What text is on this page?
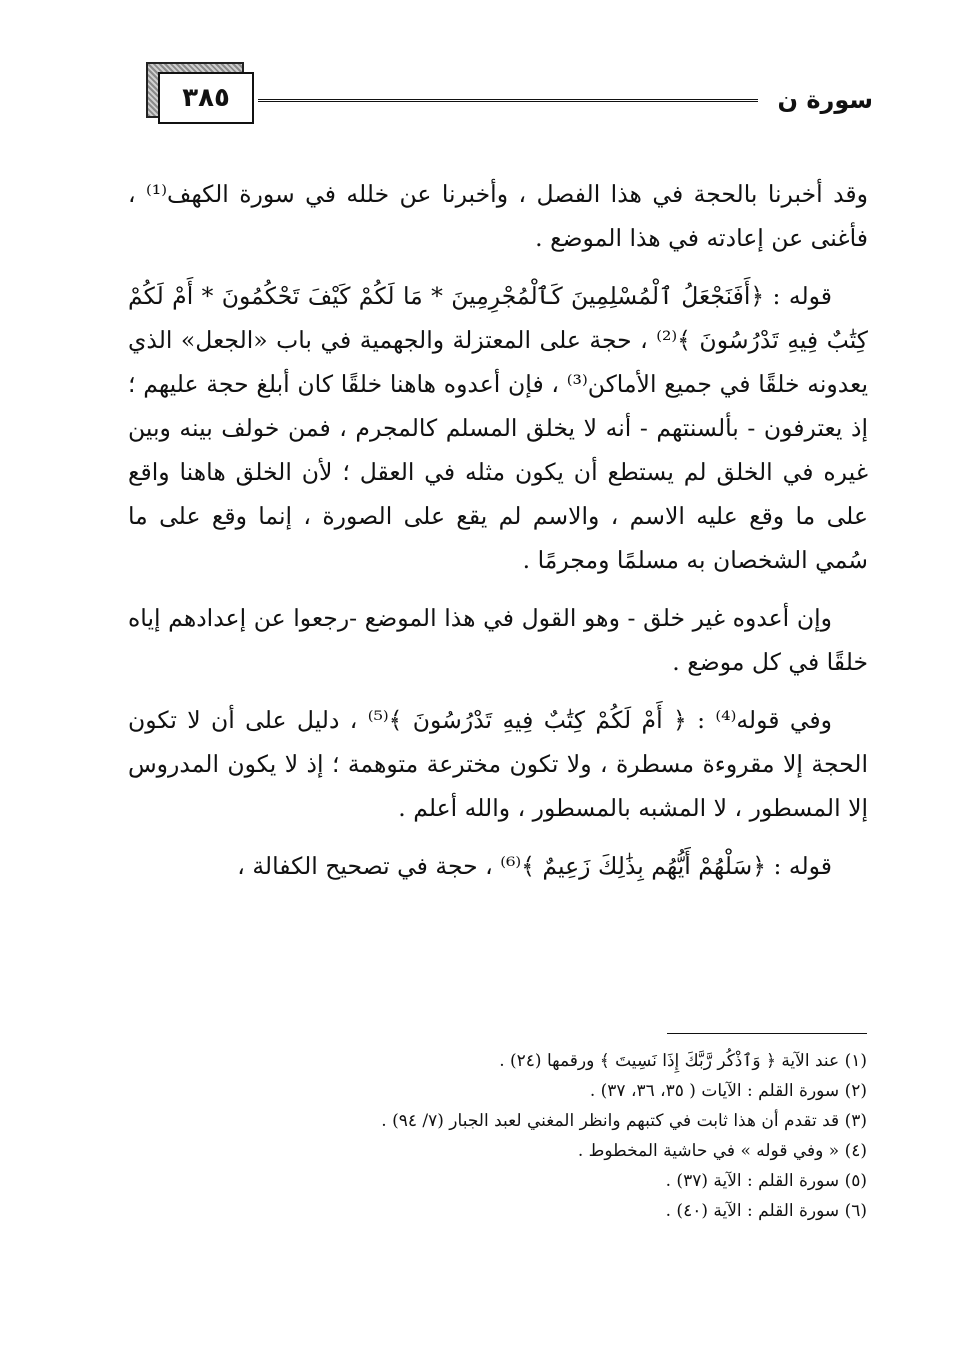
٣٨٥	سورة ن

وقد أخبرنا بالحجة في هذا الفصل ، وأخبرنا عن خلله في سورة الكهف⁽¹⁾ ، فأغنى عن إعادته في هذا الموضع .

قوله : ﴿أَفَنَجْعَلُ ٱلْمُسْلِمِينَ كَٱلْمُجْرِمِينَ * مَا لَكُمْ كَيْفَ تَحْكُمُونَ * أَمْ لَكُمْ كِتَٰبٌ فِيهِ تَدْرُسُونَ ﴾⁽²⁾ ، حجة على المعتزلة والجهمية في باب «الجعل» الذي يعدونه خلقًا في جميع الأماكن⁽³⁾ ، فإن أعدوه هاهنا خلقًا كان أبلغ حجة عليهم ؛ إذ يعترفون - بألسنتهم - أنه لا يخلق المسلم كالمجرم ، فمن خولف بينه وبين غيره في الخلق لم يستطع أن يكون مثله في العقل ؛ لأن الخلق هاهنا واقع على ما وقع عليه الاسم ، والاسم لم يقع على الصورة ، إنما وقع على ما سُمي الشخصان به مسلمًا ومجرمًا .

وإن أعدوه غير خلق - وهو القول في هذا الموضع -رجعوا عن إعدادهم إياه خلقًا في كل موضع .

وفي قوله⁽⁴⁾ : ﴿ أَمْ لَكُمْ كِتَٰبٌ فِيهِ تَدْرُسُونَ ﴾⁽⁵⁾ ، دليل على أن لا تكون الحجة إلا مقروءة مسطرة ، ولا تكون مخترعة متوهمة ؛ إذ لا يكون المدروس إلا المسطور ، لا المشبه بالمسطور ، والله أعلم .

قوله : ﴿سَلْهُمْ أَيُّهُم بِذَٰلِكَ زَعِيمٌ ﴾⁽⁶⁾ ، حجة في تصحيح الكفالة ،

(١) عند الآية ﴿ وَٱذْكُر رَّبَّكَ إِذَا نَسِيتَ ﴾ ورقمها (٢٤) .

(٢) سورة القلم : الآيات ( ٣٥، ٣٦، ٣٧) .

(٣) قد تقدم أن هذا ثابت في كتبهم وانظر المغني لعبد الجبار (٧/ ٩٤) .

(٤) « وفي قوله » في حاشية المخطوط .

(٥) سورة القلم : الآية (٣٧) .

(٦) سورة القلم : الآية (٤٠) .
